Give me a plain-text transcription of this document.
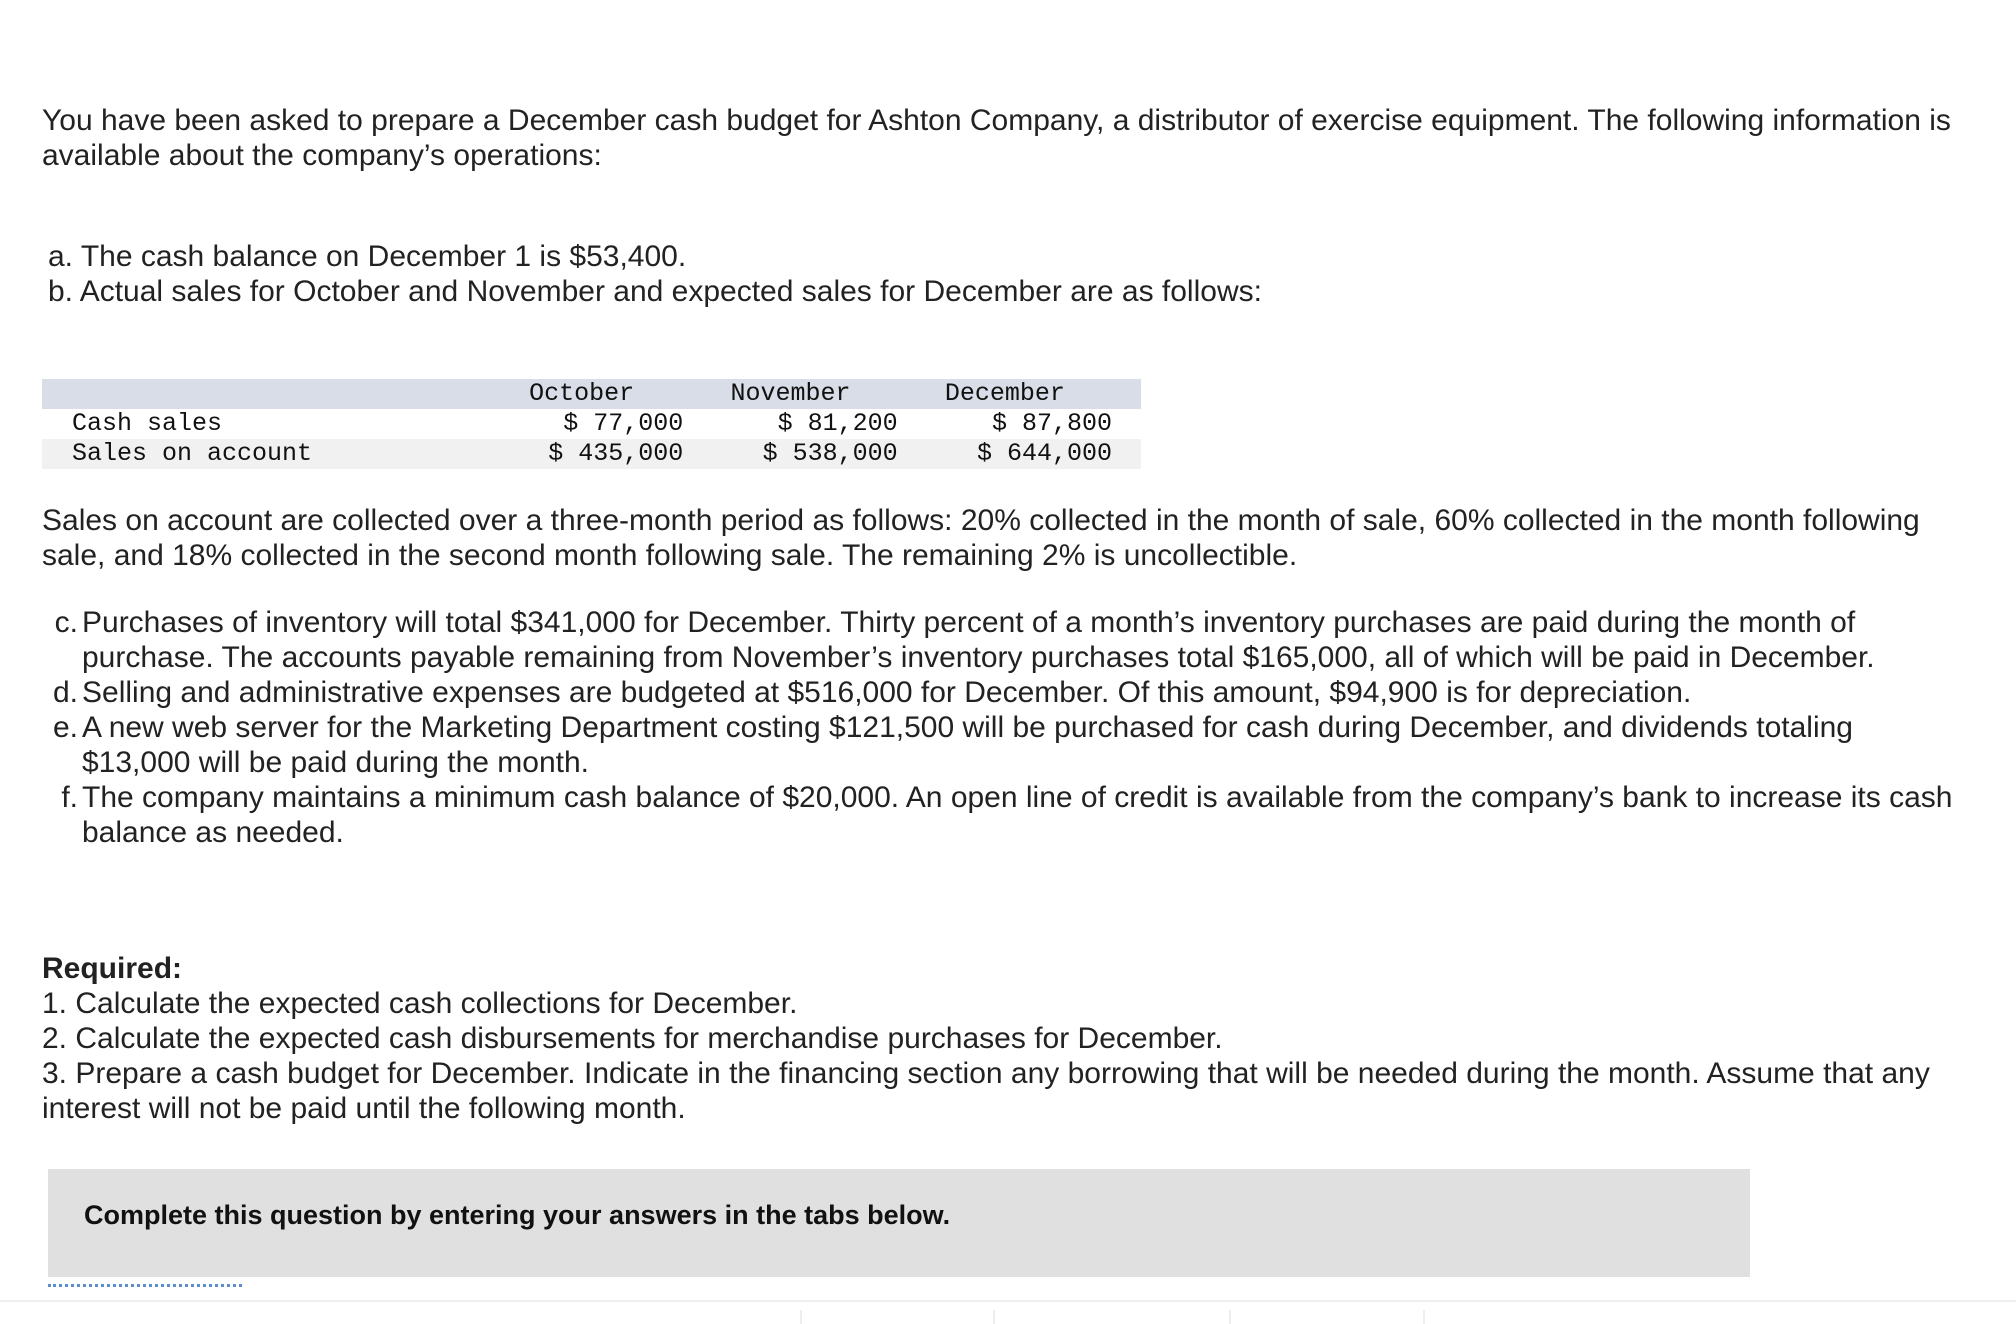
You have been asked to prepare a December cash budget for Ashton Company, a distributor of exercise equipment. The following information is available about the company’s operations:

a. The cash balance on December 1 is $53,400.
b. Actual sales for October and November and expected sales for December are as follows:
	October	November	December	
Cash sales	$ 77,000	$ 81,200	$ 87,800	
Sales on account	$ 435,000	$ 538,000	$ 644,000	

Sales on account are collected over a three-month period as follows: 20% collected in the month of sale, 60% collected in the month following sale, and 18% collected in the second month following sale. The remaining 2% is uncollectible.

c. Purchases of inventory will total $341,000 for December. Thirty percent of a month’s inventory purchases are paid during the month of purchase. The accounts payable remaining from November’s inventory purchases total $165,000, all of which will be paid in December.
d. Selling and administrative expenses are budgeted at $516,000 for December. Of this amount, $94,900 is for depreciation.
e. A new web server for the Marketing Department costing $121,500 will be purchased for cash during December, and dividends totaling $13,000 will be paid during the month.
f. The company maintains a minimum cash balance of $20,000. An open line of credit is available from the company’s bank to increase its cash balance as needed.
Required:
1. Calculate the expected cash collections for December.
2. Calculate the expected cash disbursements for merchandise purchases for December.
3. Prepare a cash budget for December. Indicate in the financing section any borrowing that will be needed during the month. Assume that any interest will not be paid until the following month.
Complete this question by entering your answers in the tabs below.
